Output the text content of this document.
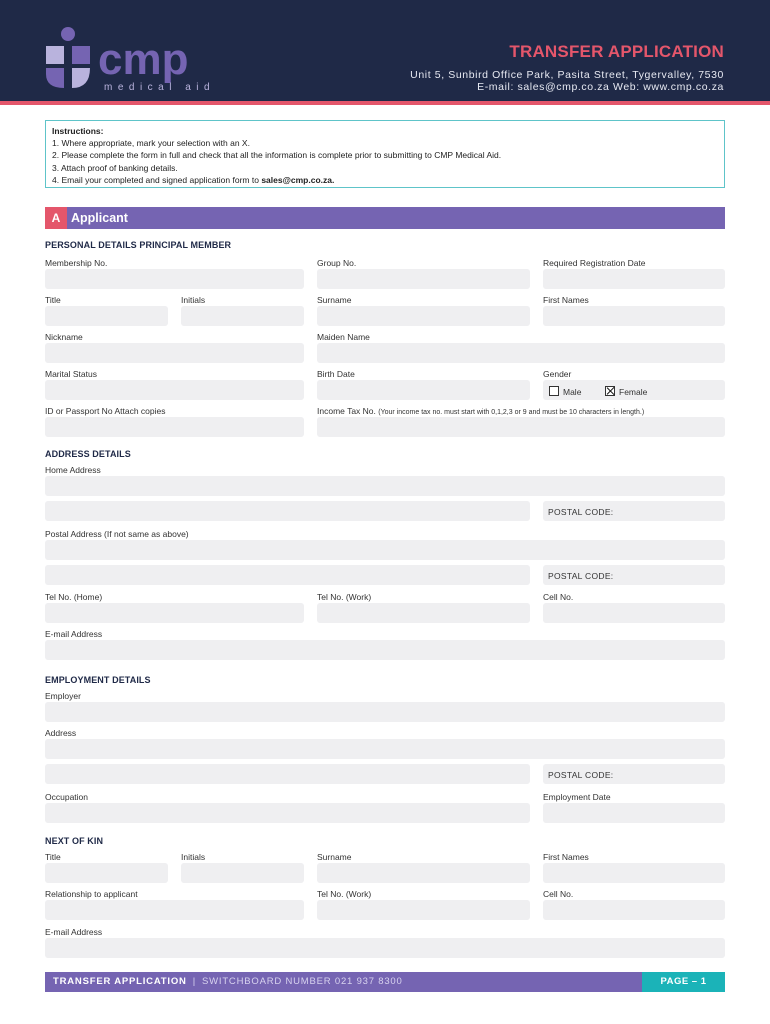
cmp
medical aid
TRANSFER APPLICATION
Unit 5, Sunbird Office Park, Pasita Street, Tygervalley, 7530
E-mail: sales@cmp.co.za Web: www.cmp.co.za
Instructions:
1. Where appropriate, mark your selection with an X.
2. Please complete the form in full and check that all the information is complete prior to submitting to CMP Medical Aid.
3. Attach proof of banking details.
4. Email your completed and signed application form to sales@cmp.co.za.
A Applicant
PERSONAL DETAILS PRINCIPAL MEMBER
Membership No.	Group No.	Required Registration Date
Title	Initials	Surname	First Names
Nickname	Maiden Name
Marital Status	Birth Date	Gender
Male	Female
ID or Passport No Attach copies	Income Tax No. (Your income tax no. must start with 0,1,2,3 or 9 and must be 10 characters in length.)
ADDRESS DETAILS
Home Address
POSTAL CODE:
Postal Address (If not same as above)
POSTAL CODE:
Tel No. (Home)	Tel No. (Work)	Cell No.
E-mail Address
EMPLOYMENT DETAILS
Employer
Address
POSTAL CODE:
Occupation	Employment Date
NEXT OF KIN
Title	Initials	Surname	First Names
Relationship to applicant	Tel No. (Work)	Cell No.
E-mail Address
TRANSFER APPLICATION | SWITCHBOARD NUMBER 021 937 8300	PAGE – 1
